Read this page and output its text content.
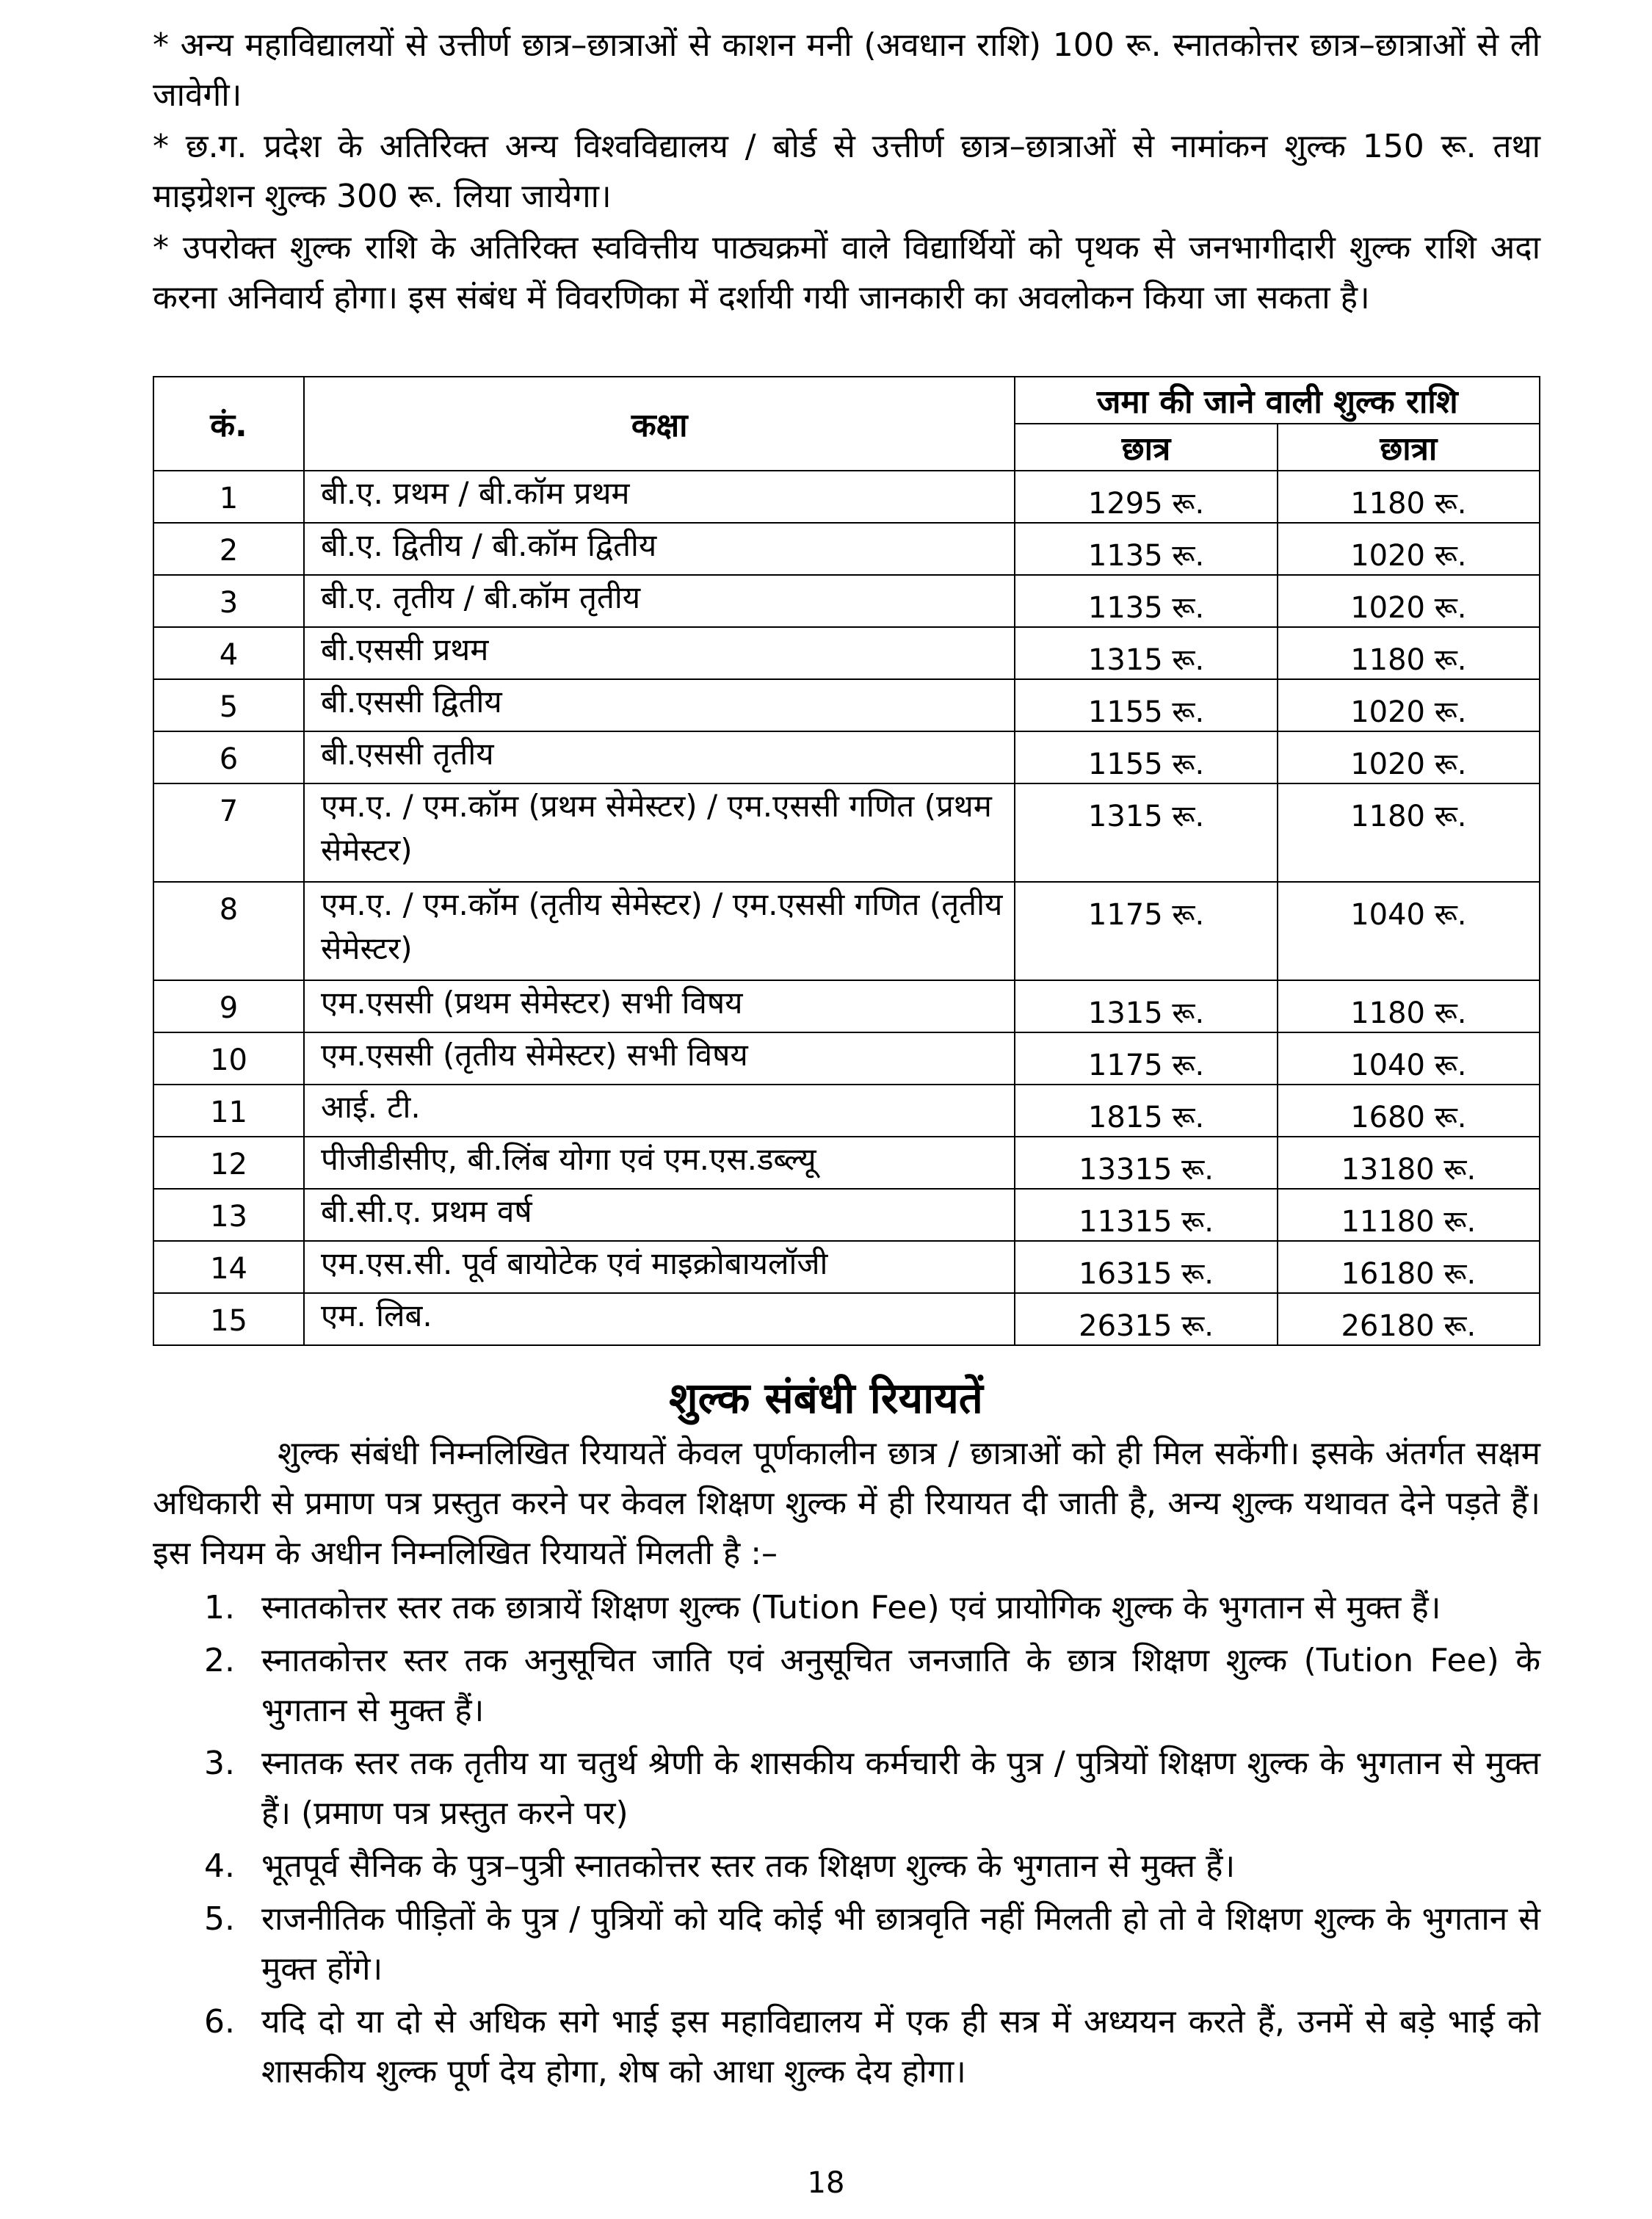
* अन्य महाविद्यालयों से उत्तीर्ण छात्र–छात्राओं से काशन मनी (अवधान राशि) 100 रू. स्नातकोत्तर छात्र–छात्राओं से ली जावेगी।

* छ.ग. प्रदेश के अतिरिक्त अन्य विश्वविद्यालय / बोर्ड से उत्तीर्ण छात्र–छात्राओं से नामांकन शुल्क 150 रू. तथा माइग्रेशन शुल्क 300 रू. लिया जायेगा।

* उपरोक्त शुल्क राशि के अतिरिक्त स्ववित्तीय पाठ्यक्रमों वाले विद्यार्थियों को पृथक से जनभागीदारी शुल्क राशि अदा करना अनिवार्य होगा। इस संबंध में विवरणिका में दर्शायी गयी जानकारी का अवलोकन किया जा सकता है।

कं.	कक्षा	जमा की जाने वाली शुल्क राशि	
		छात्र	छात्रा
1	बी.ए. प्रथम / बी.कॉम प्रथम	1295 रू.	1180 रू.
2	बी.ए. द्वितीय / बी.कॉम द्वितीय	1135 रू.	1020 रू.
3	बी.ए. तृतीय / बी.कॉम तृतीय	1135 रू.	1020 रू.
4	बी.एससी प्रथम	1315 रू.	1180 रू.
5	बी.एससी द्वितीय	1155 रू.	1020 रू.
6	बी.एससी तृतीय	1155 रू.	1020 रू.
7	एम.ए. / एम.कॉम (प्रथम सेमेस्टर) / एम.एससी गणित (प्रथम सेमेस्टर)	1315 रू.	1180 रू.
8	एम.ए. / एम.कॉम (तृतीय सेमेस्टर) / एम.एससी गणित (तृतीय सेमेस्टर)	1175 रू.	1040 रू.
9	एम.एससी (प्रथम सेमेस्टर) सभी विषय	1315 रू.	1180 रू.
10	एम.एससी (तृतीय सेमेस्टर) सभी विषय	1175 रू.	1040 रू.
11	आई. टी.	1815 रू.	1680 रू.
12	पीजीडीसीए, बी.लिंब योगा एवं एम.एस.डब्ल्यू	13315 रू.	13180 रू.
13	बी.सी.ए. प्रथम वर्ष	11315 रू.	11180 रू.
14	एम.एस.सी. पूर्व बायोटेक एवं माइक्रोबायलॉजी	16315 रू.	16180 रू.
15	एम. लिब.	26315 रू.	26180 रू.
शुल्क संबंधी रियायतें

शुल्क संबंधी निम्नलिखित रियायतें केवल पूर्णकालीन छात्र / छात्राओं को ही मिल सकेंगी। इसके अंतर्गत सक्षम अधिकारी से प्रमाण पत्र प्रस्तुत करने पर केवल शिक्षण शुल्क में ही रियायत दी जाती है, अन्य शुल्क यथावत देने पड़ते हैं। इस नियम के अधीन निम्नलिखित रियायतें मिलती है :–

1. स्नातकोत्तर स्तर तक छात्रायें शिक्षण शुल्क (Tution Fee) एवं प्रायोगिक शुल्क के भुगतान से मुक्त हैं।
2. स्नातकोत्तर स्तर तक अनुसूचित जाति एवं अनुसूचित जनजाति के छात्र शिक्षण शुल्क (Tution Fee) के भुगतान से मुक्त हैं।
3. स्नातक स्तर तक तृतीय या चतुर्थ श्रेणी के शासकीय कर्मचारी के पुत्र / पुत्रियों शिक्षण शुल्क के भुगतान से मुक्त हैं। (प्रमाण पत्र प्रस्तुत करने पर)
4. भूतपूर्व सैनिक के पुत्र–पुत्री स्नातकोत्तर स्तर तक शिक्षण शुल्क के भुगतान से मुक्त हैं।
5. राजनीतिक पीड़ितों के पुत्र / पुत्रियों को यदि कोई भी छात्रवृति नहीं मिलती हो तो वे शिक्षण शुल्क के भुगतान से मुक्त होंगे।
6. यदि दो या दो से अधिक सगे भाई इस महाविद्यालय में एक ही सत्र में अध्ययन करते हैं, उनमें से बड़े भाई को शासकीय शुल्क पूर्ण देय होगा, शेष को आधा शुल्क देय होगा।
18
